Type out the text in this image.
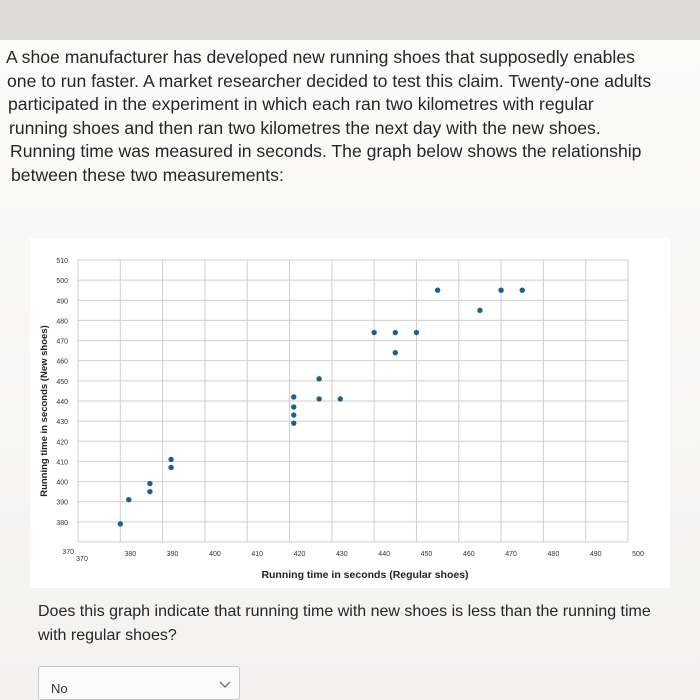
A shoe manufacturer has developed new running shoes that supposedly enables
one to run faster. A market researcher decided to test this claim. Twenty-one adults
participated in the experiment in which each ran two kilometres with regular
running shoes and then ran two kilometres the next day with the new shoes.
Running time was measured in seconds. The graph below shows the relationship
between these two measurements:
370
380	390	400	410	420	430	440	450	460	470	480	490	500
370
380
390
400
410
420
430
440
450
460
470
480
490
500
510
Running time in seconds (Regular shoes)
Running time in seconds (New shoes)
Does this graph indicate that running time with new shoes is less than the running time with regular shoes?
No
